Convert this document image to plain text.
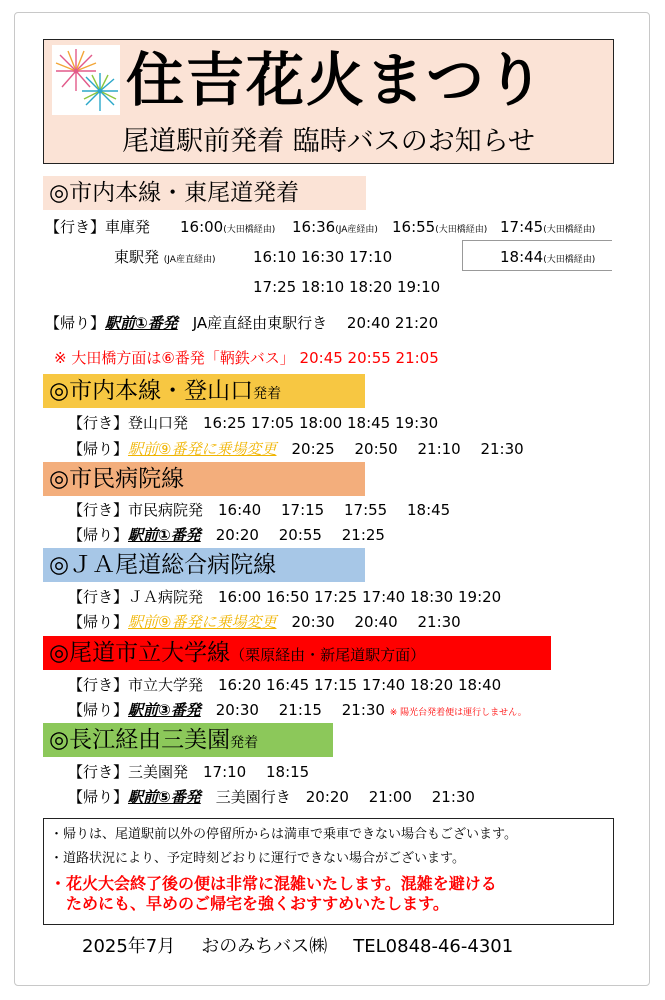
住吉花火まつり
尾道駅前発着 臨時バスのお知らせ
◎市内本線・東尾道発着
【行き】車庫発 16:00(大田橋経由) 16:36(JA産経由) 16:55(大田橋経由) 17:45(大田橋経由)
東駅発 (JA産直経由)	16:10 16:30 17:10	18:44(大田橋経由)
17:25 18:10 18:20 19:10
【帰り】駅前①番発　 JA産直経由東駅行き　 20:40 21:20
※ 大田橋方面は⑥番発「鞆鉄バス」 20:45 20:55 21:05
◎市内本線・登山口発着
【行き】登山口発　16:25 17:05 18:00 18:45 19:30
【帰り】駅前⑨番発に乗場変更　 20:25　 20:50　 21:10　 21:30
◎市民病院線
【行き】市民病院発　16:40　 17:15　 17:55　 18:45
【帰り】駅前①番発　 20:20　 20:55　 21:25
◎ＪＡ尾道総合病院線
【行き】ＪＡ病院発　16:00 16:50 17:25 17:40 18:30 19:20
【帰り】駅前⑨番発に乗場変更　 20:30　 20:40　 21:30
◎尾道市立大学線（栗原経由・新尾道駅方面）
【行き】市立大学発　16:20 16:45 17:15 17:40 18:20 18:40
【帰り】駅前③番発　 20:30　 21:15　 21:30 ※ 陽光台発着便は運行しません。
◎長江経由三美園発着
【行き】三美園発　17:10　 18:15
【帰り】駅前⑤番発　 三美園行き　20:20　 21:00　 21:30
・帰りは、尾道駅前以外の停留所からは満車で乗車できない場合もございます。
・道路状況により、予定時刻どおりに運行できない場合がございます。
・花火大会終了後の便は非常に混雑いたします。混雑を避ける
　ためにも、早めのご帰宅を強くおすすめいたします。
2025年7月 おのみちバス㈱ TEL0848-46-4301
